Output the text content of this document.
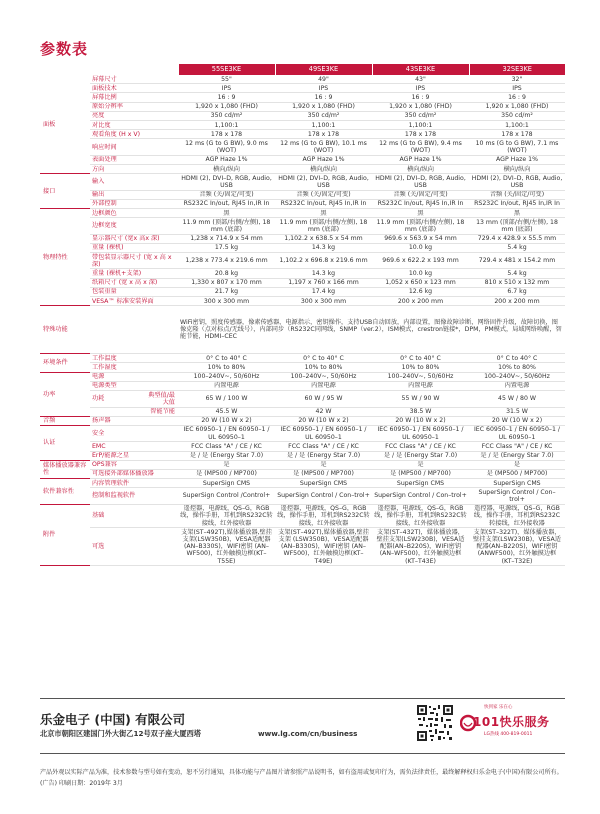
参数表
			55SE3KE	49SE3KE	43SE3KE	32SE3KE
面板	屏幕尺寸		55"	49"	43"	32"
	面板技术		IPS	IPS	IPS	IPS
	屏幕比例		16 : 9	16 : 9	16 : 9	16 : 9
	原始分辨率		1,920 x 1,080 (FHD)	1,920 x 1,080 (FHD)	1,920 x 1,080 (FHD)	1,920 x 1,080 (FHD)
	亮度		350 cd/m²	350 cd/m²	350 cd/m²	350 cd/m²
	对比度		1,100:1	1,100:1	1,100:1	1,100:1
	观看角度 (H x V)		178 x 178	178 x 178	178 x 178	178 x 178
	响应时间		12 ms (G to G BW), 9.0 ms (WOT)	12 ms (G to G BW), 10.1 ms (WOT)	12 ms (G to G BW), 9.4 ms (WOT)	10 ms (G to G BW), 7.1 ms (WOT)
	表面处理		AGP Haze 1%	AGP Haze 1%	AGP Haze 1%	AGP Haze 1%
	方向		横向/纵向	横向/纵向	横向/纵向	横向/纵向
接口	输入		HDMI (2), DVI–D, RGB, Audio, USB	HDMI (2), DVI–D, RGB, Audio, USB	HDMI (2), DVI–D, RGB, Audio, USB	HDMI (2), DVI–D, RGB, Audio, USB
	输出		音频 (关/固定/可变)	音频 (关/固定/可变)	音频 (关/固定/可变)	音频 (关/固定/可变)
	外部控制		RS232C In/out, RJ45 In,IR In	RS232C In/out, RJ45 In,IR In	RS232C In/out, RJ45 In,IR In	RS232C In/out, RJ45 In,IR In
物理特性	边框颜色		黑	黑	黑	黑
	边框宽度		11.9 mm (顶部/右侧/左侧), 18 mm (底部)	11.9 mm (顶部/右侧/左侧), 18 mm (底部)	11.9 mm (顶部/右侧/左侧), 18 mm (底部)	13 mm (顶部/右侧/左侧), 18 mm (底部)
	显示器尺寸 (宽x 高x 深)		1,238 x 714.9 x 54 mm	1,102.2 x 638.5 x 54 mm	969.6 x 563.9 x 54 mm	729.4 x 428.9 x 55.5 mm
	重量 (裸机)		17.5 kg	14.3 kg	10.0 kg	5.4 kg
	带包装显示器尺寸 (宽 x 高 x 深)		1,238 x 773.4 x 219.6 mm	1,102.2 x 696.8 x 219.6 mm	969.6 x 622.2 x 193 mm	729.4 x 481 x 154.2 mm
	重量 (裸机+支架)		20.8 kg	14.3 kg	10.0 kg	5.4 kg
	纸箱尺寸 (宽 x 高 x 深)		1,330 x 807 x 170 mm	1,197 x 760 x 166 mm	1,052 x 650 x 123 mm	810 x 510 x 132 mm
	包装重量		21.7 kg	17.4 kg	12.6 kg	6.7 kg
	VESA™ 标准安装界面		300 x 300 mm	300 x 300 mm	200 x 200 mm	200 x 200 mm
特殊功能			WiFi密钥，照度传感器，像素传感器，电源指示，密钥操作，支持USB自动回放，内部设置，图像故障诊断，网络固件升级，故障切换，图像克隆（点对标点/无线号），内部同步（RS232C同网线，SNMP（ver.2），ISM模式，crestron链接*，DPM，PM模式，局域网络唤醒，智能节能，HDMI–CEC			
环境条件	工作温度		0° C to 40° C	0° C to 40° C	0° C to 40° C	0° C to 40° C
	工作湿度		10% to 80%	10% to 80%	10% to 80%	10% to 80%
功率	电源		100–240V~, 50/60Hz	100–240V~, 50/60Hz	100–240V~, 50/60Hz	100–240V~, 50/60Hz
	电源类型		内置电源	内置电源	内置电源	内置电源
	功耗	典型值/最大值	65 W / 100 W	60 W / 95 W	55 W / 90 W	45 W / 80 W
		智能节能	45.5 W	42 W	38.5 W	31.5 W
音频	扬声器		20 W (10 W x 2)	20 W (10 W x 2)	20 W (10 W x 2)	20 W (10 W x 2)
认证	安全		IEC 60950–1 / EN 60950–1 / UL 60950–1	IEC 60950–1 / EN 60950–1 / UL 60950–1	IEC 60950–1 / EN 60950–1 / UL 60950–1	IEC 60950–1 / EN 60950–1 / UL 60950–1
	EMC		FCC Class "A" / CE / KC	FCC Class "A" / CE / KC	FCC Class "A" / CE / KC	FCC Class "A" / CE / KC
	ErP/能源之星		是 / 是 (Energy Star 7.0)	是 / 是 (Energy Star 7.0)	是 / 是 (Energy Star 7.0)	是 / 是 (Energy Star 7.0)
媒体播放器兼容性	OPS兼容		是	是	是	是
	可选接外部媒体播放器		是 (MP500 / MP700)	是 (MP500 / MP700)	是 (MP500 / MP700)	是 (MP500 / MP700)
软件兼容性	内容管理软件		SuperSign CMS	SuperSign CMS	SuperSign CMS	SuperSign CMS
	控制和监视软件		SuperSign Control /Control+	SuperSign Control / Con–trol+	SuperSign Control / Con–trol+	SuperSign Control / Con–trol+
附件	基础		遥控器，电源线，QS–G，RGB线，操作手册，耳机到RS232C转接线，红外接收器	遥控器，电源线，QS–G，RGB线，操作手册，耳机到RS232C转接线，红外接收器	遥控器，电源线，QS–G，RGB线，操作手册，耳机到RS232C转接线，红外接收器	遥控器，电源线，QS–G，RGB线，操作手册，耳机到RS232C转接线，红外接收器
	可选		支架(ST–492T),媒体播放器,壁挂支架(LSW350B)，VESA适配器(AN–B330S)，WIFI密钥 (AN–WF500)，红外触摸边框(KT–T55E)	支架(ST–492T),媒体播放器,壁挂支架 (LSW350B)，VESA适配器(AN–B330S)，WIFI密钥 (AN–WF500)，红外触摸边框(KT–T49E)	支架(ST–432T)，媒体播放器，壁挂支架(LSW230B)，VESA适配器(AN–B220S)，WIFI密钥(AN–WF500)，红外触摸边框(KT–T43E)	支架(ST–322T)，媒体播放器，壁挂支架(LSW230B)，VESA适配器(AN–B220S)，WIFI密钥 (ANWF500)，红外触摸边框 (KT–T32E)
乐金电子 (中国) 有限公司
北京市朝阳区建国门外大街乙12号双子座大厦西塔	www.lg.com/cn/business
快到家 乐在心
101快乐服务
LG热线 400-819-0011
产品外观以实际产品为准，技术参数与型号如有变动，恕不另行通知，具体功能与产品图片请参照产品说明书，如有盗用或复印行为，需负法律责任，最终解释权归乐金电子(中国)有限公司所有。(广告) 印刷日期：2019年 3月
